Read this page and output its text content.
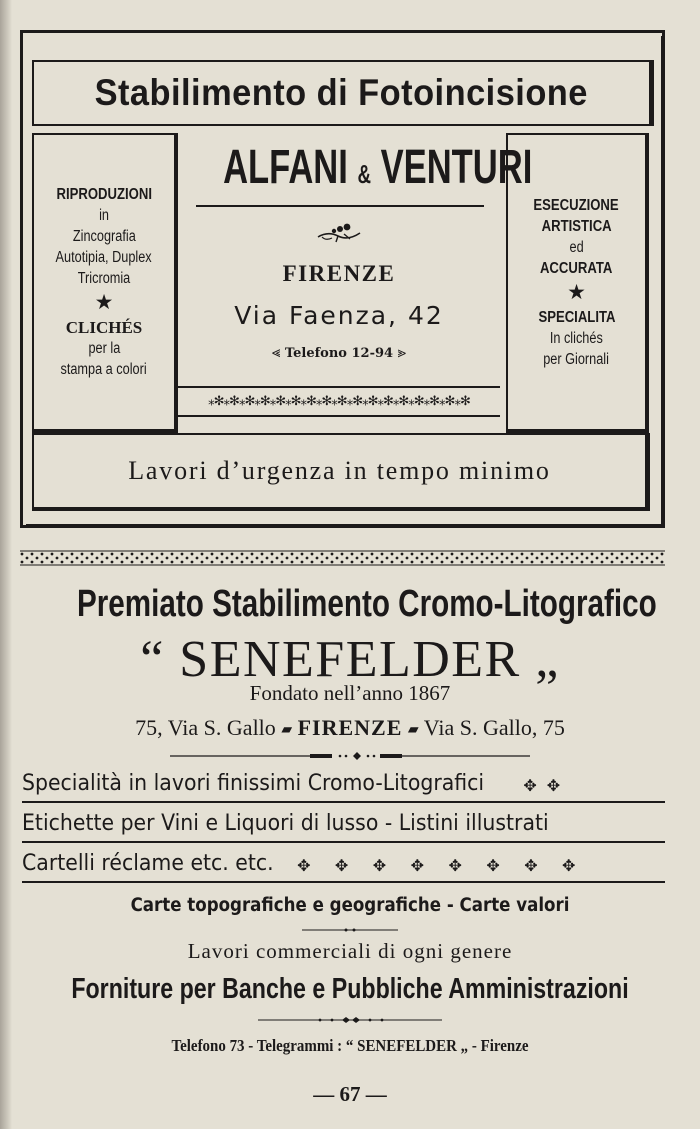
Stabilimento di Fotoincisione
RIPRODUZIONI
in
Zincografia
Autotipia, Duplex
Tricromia
★
CLICHÉS
per la
stampa a colori
ALFANI & VENTURI
FIRENZE
Via Faenza, 42
⪡ Telefono 12-94 ⪢
⁎✻⁎✻⁎✻⁎✻⁎✻⁎✻⁎✻⁎✻⁎✻⁎✻⁎✻⁎✻⁎✻⁎✻⁎✻⁎✻⁎✻
ESECUZIONE
ARTISTICA
ed
ACCURATA
★
SPECIALITA
In clichés
per Giornali
Lavori d’urgenza in tempo minimo
Premiato Stabilimento Cromo-Litografico
“ SENEFELDER „
Fondato nell’anno 1867
75, Via S. Gallo ▰ FIRENZE ▰ Via S. Gallo, 75
Specialità in lavori finissimi Cromo-Litografici ✥✥
Etichette per Vini e Liquori di lusso - Listini illustrati
Cartelli réclame etc. etc. ✥ ✥ ✥ ✥ ✥ ✥ ✥ ✥
Carte topografiche e geografiche - Carte valori
Lavori commerciali di ogni genere
Forniture per Banche e Pubbliche Amministrazioni
Telefono 73 - Telegrammi : “ SENEFELDER „ - Firenze
— 67 —
